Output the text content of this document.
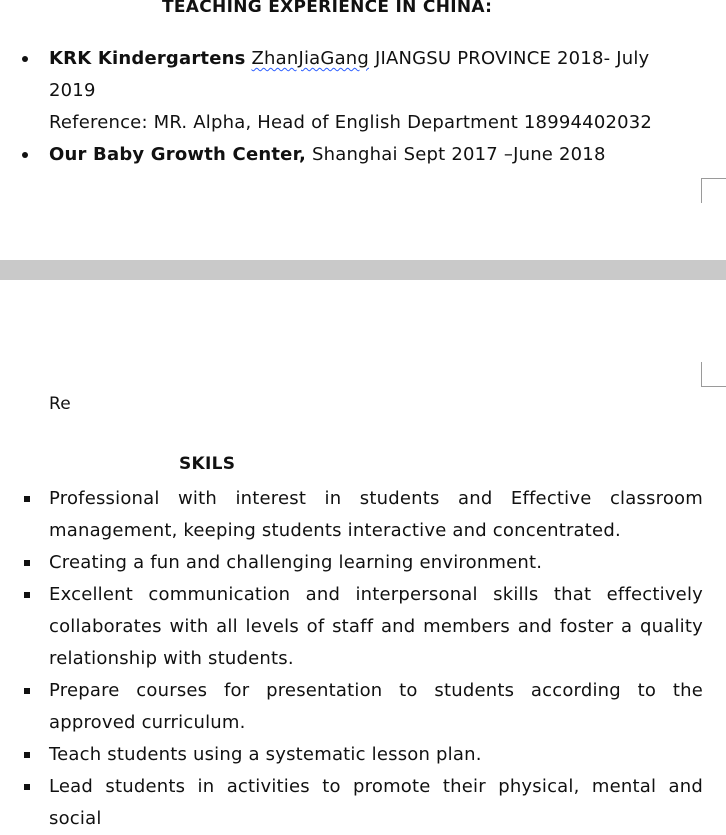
TEACHING EXPERIENCE IN CHINA:
KRK Kindergartens ZhanJiaGang JIANGSU PROVINCE 2018- July
2019
Reference: MR. Alpha, Head of English Department 18994402032
Our Baby Growth Center, Shanghai Sept 2017 –June 2018
Re
SKILS
Professional with interest in students and Effective classroom
management, keeping students interactive and concentrated.
Creating a fun and challenging learning environment.
Excellent communication and interpersonal skills that effectively
collaborates with all levels of staff and members and foster a quality
relationship with students.
Prepare courses for presentation to students according to the
approved curriculum.
Teach students using a systematic lesson plan.
Lead students in activities to promote their physical, mental and social
